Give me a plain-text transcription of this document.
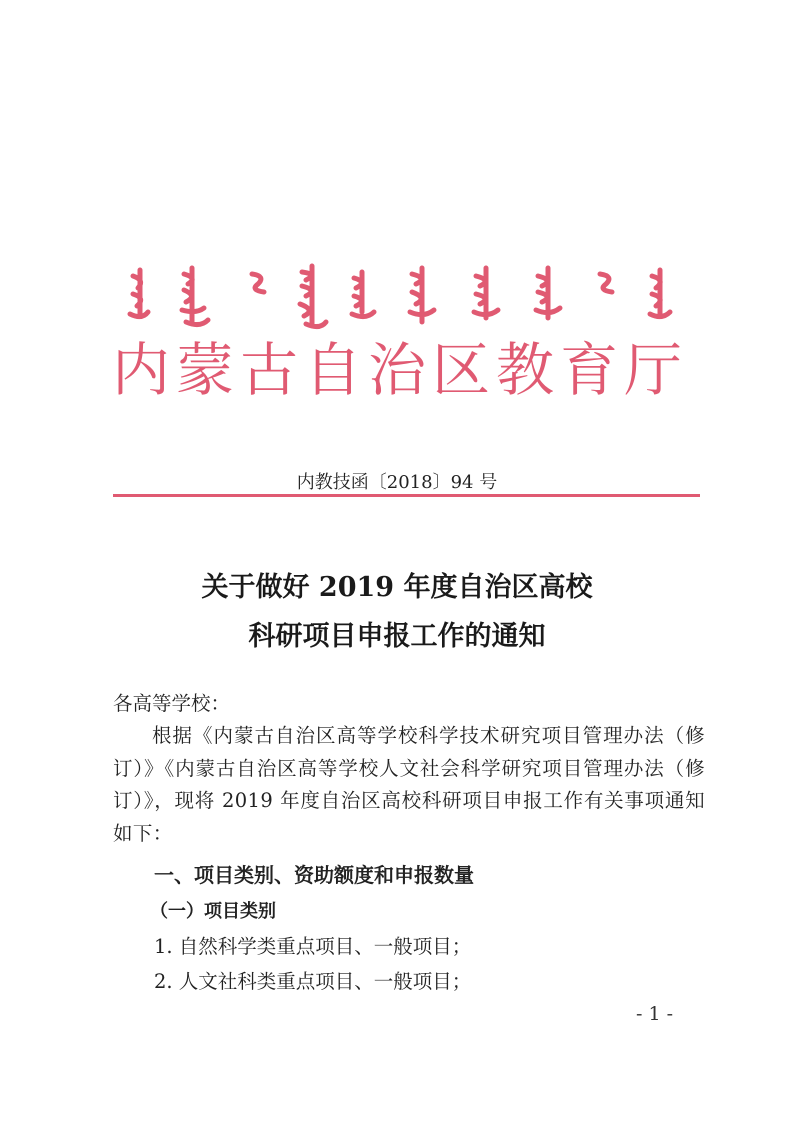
内蒙古自治区教育厅
内教技函〔2018〕94 号
关于做好 2019 年度自治区高校
科研项目申报工作的通知
各高等学校：
根据《内蒙古自治区高等学校科学技术研究项目管理办法（修订）》《内蒙古自治区高等学校人文社会科学研究项目管理办法（修订）》，现将 2019 年度自治区高校科研项目申报工作有关事项通知如下：
一、项目类别、资助额度和申报数量
（一）项目类别
1. 自然科学类重点项目、一般项目；
2. 人文社科类重点项目、一般项目；
- 1 -
